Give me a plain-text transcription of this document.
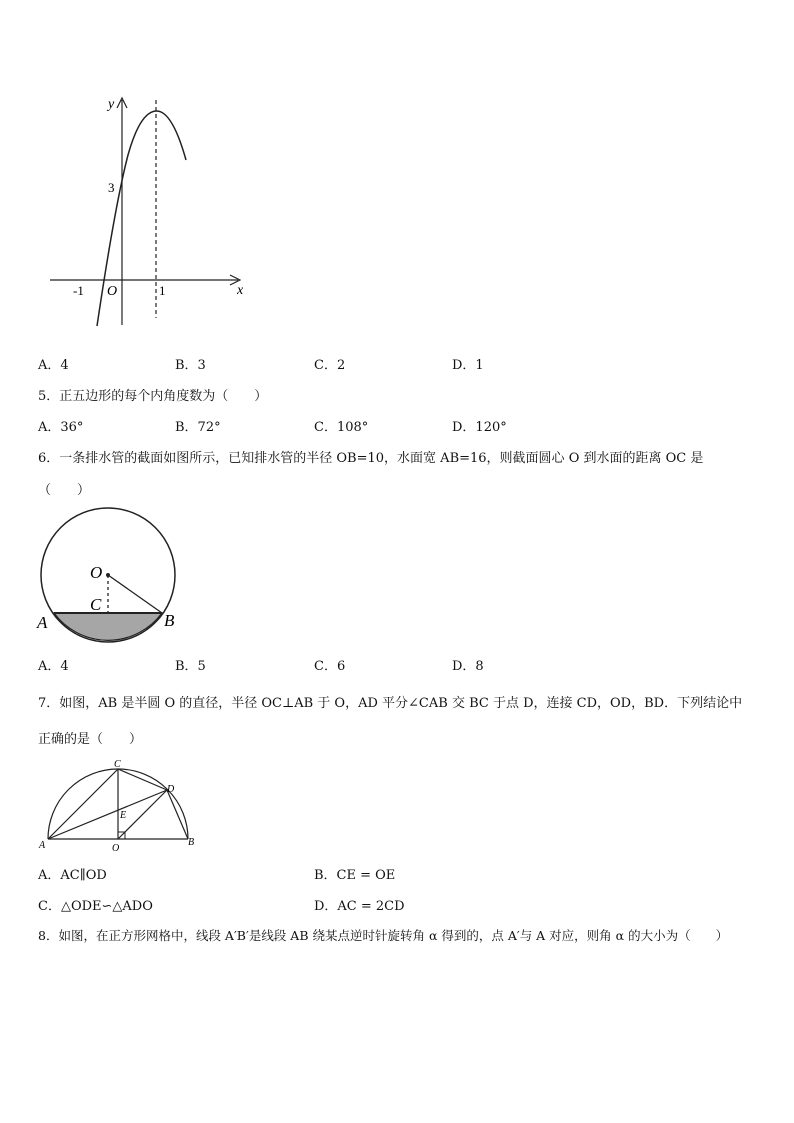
y
x
O
-1	1
3
A．4	B．3	C．2	D．1
5．正五边形的每个内角度数为（　　）
A．36°	B．72°	C．108°	D．120°
6．一条排水管的截面如图所示，已知排水管的半径 OB=10，水面宽 AB=16，则截面圆心 O 到水面的距离 OC 是
（　　）
O
C
A	B
A．4	B．5	C．6	D．8
7．如图，AB 是半圆 O 的直径，半径 OC⊥AB 于 O，AD 平分∠CAB 交 BC 于点 D，连接 CD，OD，BD．下列结论中
正确的是（　　）
C
D
E
A	O
B
A．AC∥OD	B．CE = OE
C．△ODE∽△ADO	D．AC = 2CD
8．如图，在正方形网格中，线段 A′B′是线段 AB 绕某点逆时针旋转角 α 得到的，点 A′与 A 对应，则角 α 的大小为（　　）
